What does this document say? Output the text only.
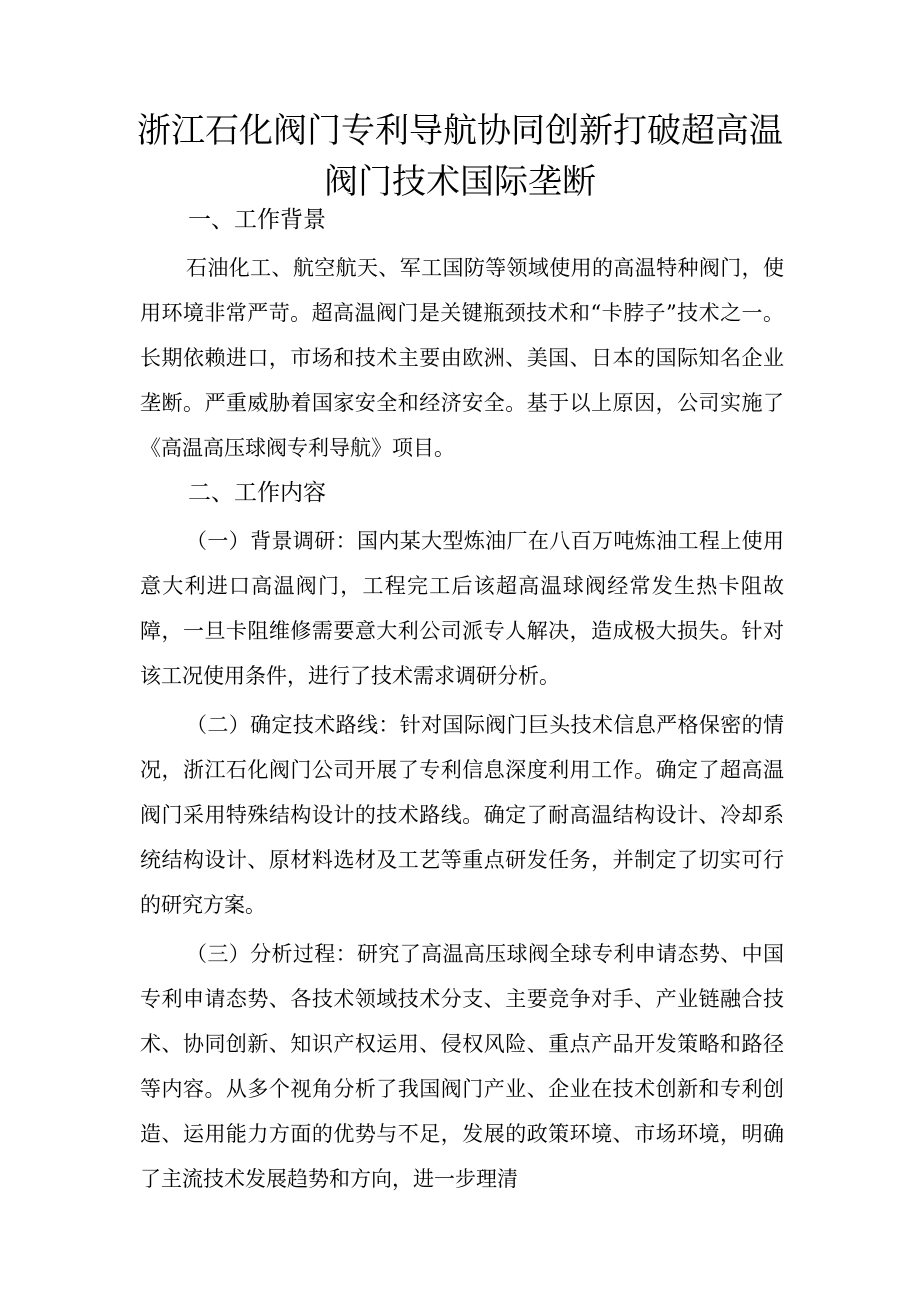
浙江石化阀门专利导航协同创新打破超高温阀门技术国际垄断
一、工作背景

石油化工、航空航天、军工国防等领域使用的高温特种阀门，使用环境非常严苛。超高温阀门是关键瓶颈技术和“卡脖子”技术之一。长期依赖进口，市场和技术主要由欧洲、美国、日本的国际知名企业垄断。严重威胁着国家安全和经济安全。基于以上原因，公司实施了《高温高压球阀专利导航》项目。

二、工作内容

（一）背景调研：国内某大型炼油厂在八百万吨炼油工程上使用意大利进口高温阀门，工程完工后该超高温球阀经常发生热卡阻故障，一旦卡阻维修需要意大利公司派专人解决，造成极大损失。针对该工况使用条件，进行了技术需求调研分析。

（二）确定技术路线：针对国际阀门巨头技术信息严格保密的情况，浙江石化阀门公司开展了专利信息深度利用工作。确定了超高温阀门采用特殊结构设计的技术路线。确定了耐高温结构设计、冷却系统结构设计、原材料选材及工艺等重点研发任务，并制定了切实可行的研究方案。

（三）分析过程：研究了高温高压球阀全球专利申请态势、中国专利申请态势、各技术领域技术分支、主要竞争对手、产业链融合技术、协同创新、知识产权运用、侵权风险、重点产品开发策略和路径等内容。从多个视角分析了我国阀门产业、企业在技术创新和专利创造、运用能力方面的优势与不足，发展的政策环境、市场环境，明确了主流技术发展趋势和方向，进一步理清
